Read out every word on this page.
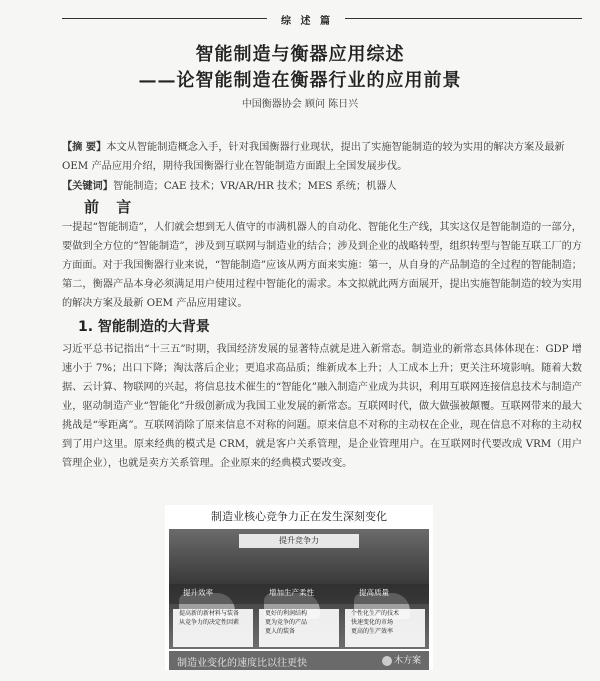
综 述 篇
智能制造与衡器应用综述
——论智能制造在衡器行业的应用前景
中国衡器协会 顾问 陈日兴
【摘 要】本文从智能制造概念入手，针对我国衡器行业现状，提出了实施智能制造的较为实用的解决方案及最新 OEM 产品应用介绍，期待我国衡器行业在智能制造方面跟上全国发展步伐。
【关键词】智能制造；CAE 技术；VR/AR/HR 技术；MES 系统；机器人
前 言
一提起“智能制造”，人们就会想到无人值守的市满机器人的自动化、智能化生产线，其实这仅是智能制造的一部分，要做到全方位的“智能制造”，涉及到互联网与制造业的结合；涉及到企业的战略转型，组织转型与智能互联工厂的方方面面。对于我国衡器行业来说，“智能制造”应该从两方面来实施：第一，从自身的产品制造的全过程的智能制造；第二，衡器产品本身必须满足用户使用过程中智能化的需求。本文拟就此两方面展开，提出实施智能制造的较为实用的解决方案及最新 OEM 产品应用建议。
1. 智能制造的大背景
习近平总书记指出“十三五”时期，我国经济发展的显著特点就是进入新常态。制造业的新常态具体体现在：GDP 增速小于 7%；出口下降；淘汰落后企业；更追求高品质；维新成本上升；人工成本上升；更关注环境影响。随着大数据、云计算、物联网的兴起，将信息技术催生的“智能化”融入制造产业成为共识，利用互联网连接信息技术与制造产业，驱动制造产业“智能化”升级创新成为我国工业发展的新常态。互联网时代，做大做强被颠覆。互联网带来的最大挑战是“零距离”。互联网消除了原来信息不对称的问题。原来信息不对称的主动权在企业，现在信息不对称的主动权到了用户这里。原来经典的模式是 CRM，就是客户关系管理，是企业管理用户。在互联网时代要改成 VRM（用户管理企业），也就是卖方关系管理。企业原来的经典模式要改变。
制造业核心竞争力正在发生深刻变化
提升竞争力
提升效率	增加生产柔性	提高质量
提高新的新材料与装备
从竞争力的决定性因素
更好的利润结构
更为竞争的产品
更人的装备
个性化生产的技术
快速变化的市场
更高的生产效率
制造业变化的速度比以往更快	木方案
